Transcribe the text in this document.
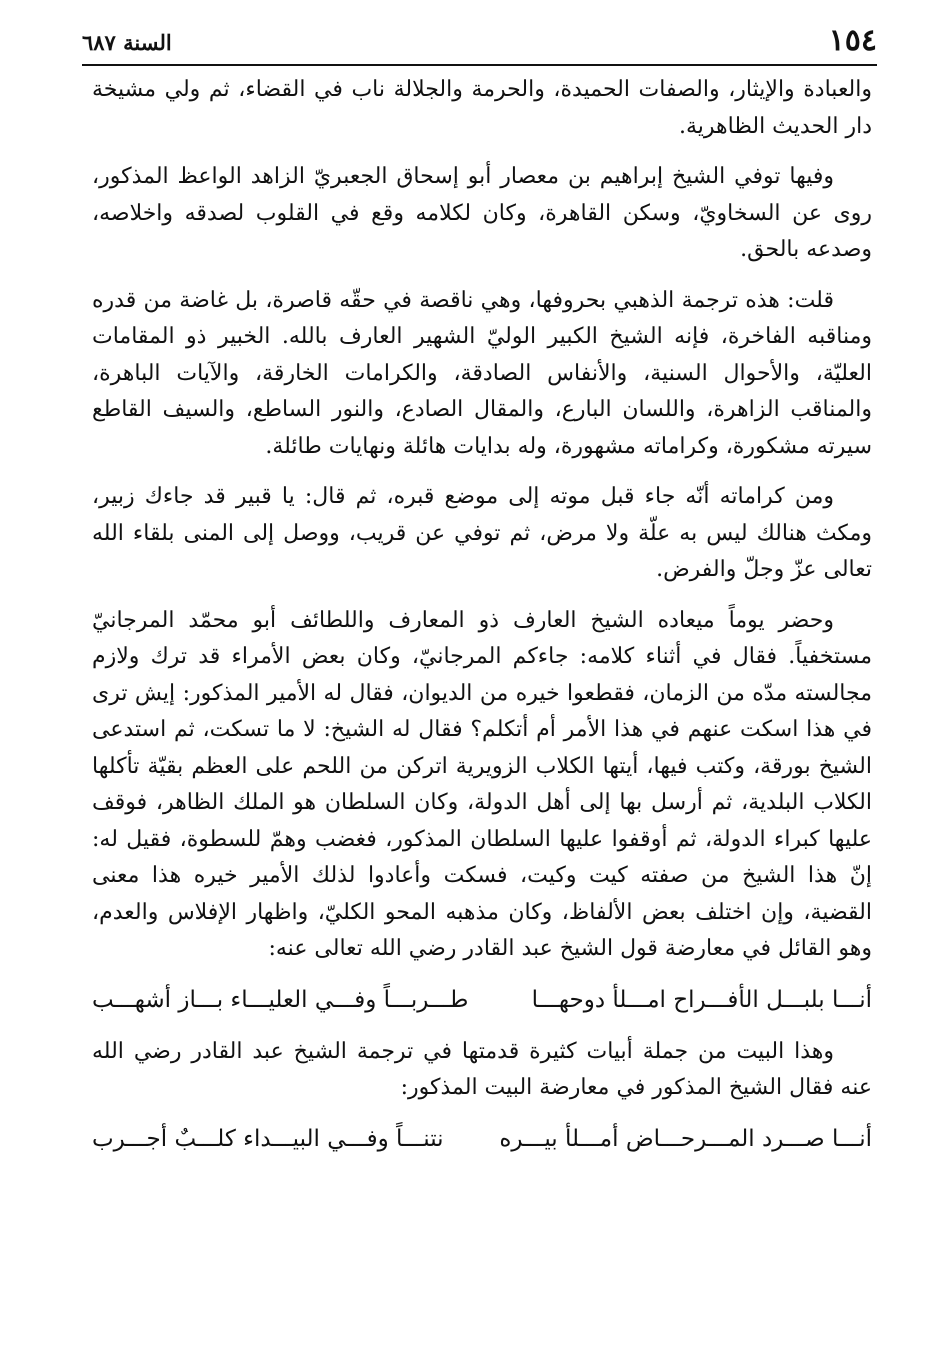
١٥٤
السنة ٦٨٧

والعبادة والإيثار، والصفات الحميدة، والحرمة والجلالة ناب في القضاء، ثم ولي مشيخة دار الحديث الظاهرية.

وفيها توفي الشيخ إبراهيم بن معصار أبو إسحاق الجعبريّ الزاهد الواعظ المذكور، روى عن السخاويّ، وسكن القاهرة، وكان لكلامه وقع في القلوب لصدقه واخلاصه، وصدعه بالحق.

قلت: هذه ترجمة الذهبي بحروفها، وهي ناقصة في حقّه قاصرة، بل غاضة من قدره ومناقبه الفاخرة، فإنه الشيخ الكبير الوليّ الشهير العارف بالله. الخبير ذو المقامات العليّة، والأحوال السنية، والأنفاس الصادقة، والكرامات الخارقة، والآيات الباهرة، والمناقب الزاهرة، واللسان البارع، والمقال الصادع، والنور الساطع، والسيف القاطع سيرته مشكورة، وكراماته مشهورة، وله بدايات هائلة ونهايات طائلة.

ومن كراماته أنّه جاء قبل موته إلى موضع قبره، ثم قال: يا قبير قد جاءك زبير، ومكث هنالك ليس به علّة ولا مرض، ثم توفي عن قريب، ووصل إلى المنى بلقاء الله تعالى عزّ وجلّ والفرض.

وحضر يوماً ميعاده الشيخ العارف ذو المعارف واللطائف أبو محمّد المرجانيّ مستخفياً. فقال في أثناء كلامه: جاءكم المرجانيّ، وكان بعض الأمراء قد ترك ولازم مجالسته مدّه من الزمان، فقطعوا خيره من الديوان، فقال له الأمير المذكور: إيش ترى في هذا اسكت عنهم في هذا الأمر أم أتكلم؟ فقال له الشيخ: لا ما تسكت، ثم استدعى الشيخ بورقة، وكتب فيها، أيتها الكلاب الزويرية اتركن من اللحم على العظم بقيّة تأكلها الكلاب البلدية، ثم أرسل بها إلى أهل الدولة، وكان السلطان هو الملك الظاهر، فوقف عليها كبراء الدولة، ثم أوقفوا عليها السلطان المذكور، فغضب وهمّ للسطوة، فقيل له: إنّ هذا الشيخ من صفته كيت وكيت، فسكت وأعادوا لذلك الأمير خيره هذا معنى القضية، وإن اختلف بعض الألفاظ، وكان مذهبه المحو الكليّ، واظهار الإفلاس والعدم، وهو القائل في معارضة قول الشيخ عبد القادر رضي الله تعالى عنه:

أنـــا بلبـــل الأفـــراح امـــلأ دوحهـــا
طـــربـــاً وفـــي العليـــاء بـــاز أشهـــب

وهذا البيت من جملة أبيات كثيرة قدمتها في ترجمة الشيخ عبد القادر رضي الله عنه فقال الشيخ المذكور في معارضة البيت المذكور:

أنـــا صـــرد المـــرحـــاض أمـــلأ بيـــره
نتنـــاً وفـــي البيـــداء كلـــبٌ أجـــرب
